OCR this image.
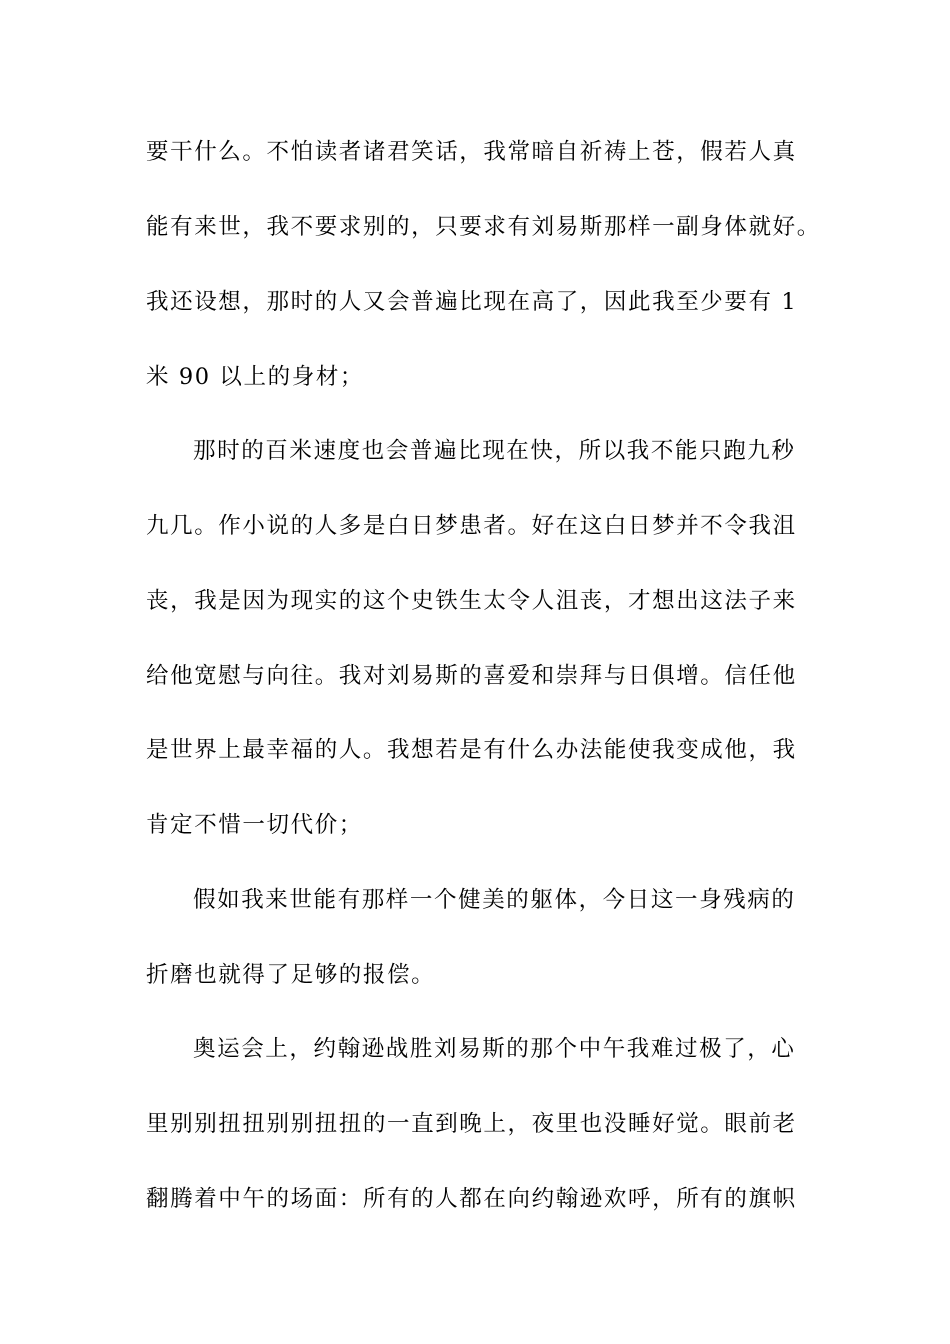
要干什么。不怕读者诸君笑话，我常暗自祈祷上苍，假若人真
能有来世，我不要求别的，只要求有刘易斯那样一副身体就好。
我还设想，那时的人又会普遍比现在高了，因此我至少要有 1
米 90 以上的身材；
那时的百米速度也会普遍比现在快，所以我不能只跑九秒
九几。作小说的人多是白日梦患者。好在这白日梦并不令我沮
丧，我是因为现实的这个史铁生太令人沮丧，才想出这法子来
给他宽慰与向往。我对刘易斯的喜爱和崇拜与日俱增。信任他
是世界上最幸福的人。我想若是有什么办法能使我变成他，我
肯定不惜一切代价；
假如我来世能有那样一个健美的躯体，今日这一身残病的
折磨也就得了足够的报偿。
奥运会上，约翰逊战胜刘易斯的那个中午我难过极了，心
里别别扭扭别别扭扭的一直到晚上，夜里也没睡好觉。眼前老
翻腾着中午的场面：所有的人都在向约翰逊欢呼，所有的旗帜
